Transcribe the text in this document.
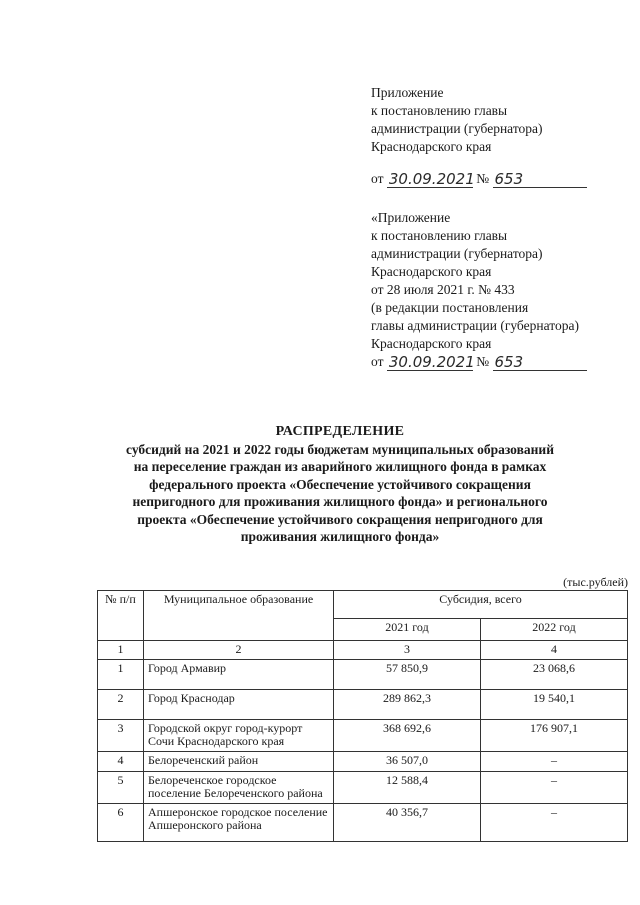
Приложение
к постановлению главы
администрации (губернатора)
Краснодарского края
от
30.09.2021
№
653
«Приложение
к постановлению главы
администрации (губернатора)
Краснодарского края
от 28 июля 2021 г. № 433
(в редакции постановления
главы администрации (губернатора)
Краснодарского края
от
30.09.2021
№
653
РАСПРЕДЕЛЕНИЕ
субсидий на 2021 и 2022 годы бюджетам муниципальных образований
на переселение граждан из аварийного жилищного фонда в рамках
федерального проекта «Обеспечение устойчивого сокращения
непригодного для проживания жилищного фонда» и регионального
проекта «Обеспечение устойчивого сокращения непригодного для
проживания жилищного фонда»
(тыс.рублей)
№ п/п	Муниципальное образование	Субсидия, всего	
		2021 год	2022 год
1	2	3	4
1	Город Армавир	57 850,9	23 068,6
2	Город Краснодар	289 862,3	19 540,1
3	Городской округ город-курорт Сочи Краснодарского края	368 692,6	176 907,1
4	Белореченский район	36 507,0	–
5	Белореченское городское поселение Белореченского района	12 588,4	–
6	Апшеронское городское поселение Апшеронского района	40 356,7	–
